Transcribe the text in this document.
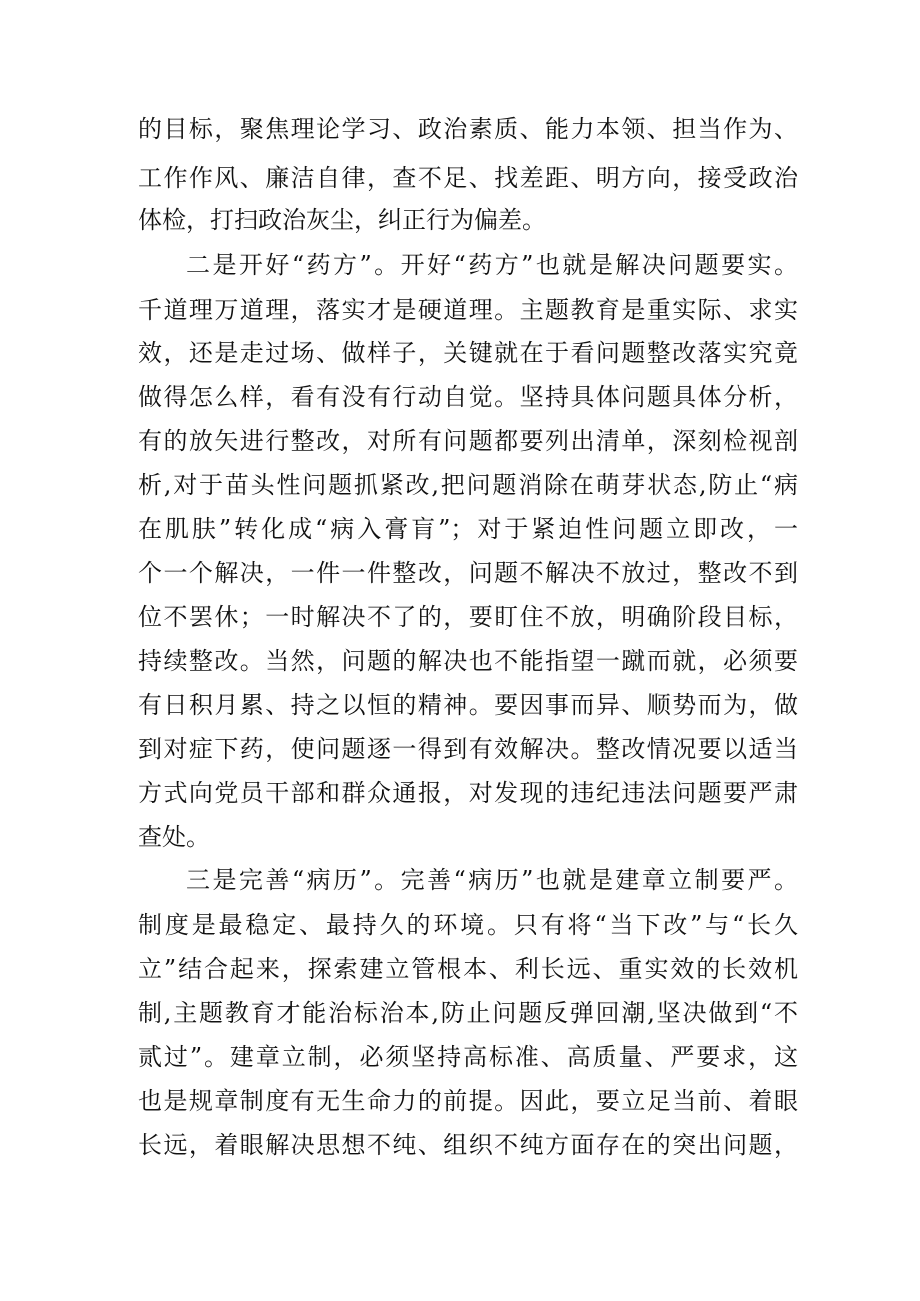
的目标，聚焦理论学习、政治素质、能力本领、担当作为、
工作作风、廉洁自律，查不足、找差距、明方向，接受政治
体检，打扫政治灰尘，纠正行为偏差。
二是开好“药方”。开好“药方”也就是解决问题要实。
千道理万道理，落实才是硬道理。主题教育是重实际、求实
效，还是走过场、做样子，关键就在于看问题整改落实究竟
做得怎么样，看有没有行动自觉。坚持具体问题具体分析，
有的放矢进行整改，对所有问题都要列出清单，深刻检视剖
析,对于苗头性问题抓紧改,把问题消除在萌芽状态,防止“病
在肌肤”转化成“病入膏肓”；对于紧迫性问题立即改，一
个一个解决，一件一件整改，问题不解决不放过，整改不到
位不罢休；一时解决不了的，要盯住不放，明确阶段目标，
持续整改。当然，问题的解决也不能指望一蹴而就，必须要
有日积月累、持之以恒的精神。要因事而异、顺势而为，做
到对症下药，使问题逐一得到有效解决。整改情况要以适当
方式向党员干部和群众通报，对发现的违纪违法问题要严肃
查处。
三是完善“病历”。完善“病历”也就是建章立制要严。
制度是最稳定、最持久的环境。只有将“当下改”与“长久
立”结合起来，探索建立管根本、利长远、重实效的长效机
制,主题教育才能治标治本,防止问题反弹回潮,坚决做到“不
贰过”。建章立制，必须坚持高标准、高质量、严要求，这
也是规章制度有无生命力的前提。因此，要立足当前、着眼
长远，着眼解决思想不纯、组织不纯方面存在的突出问题，
